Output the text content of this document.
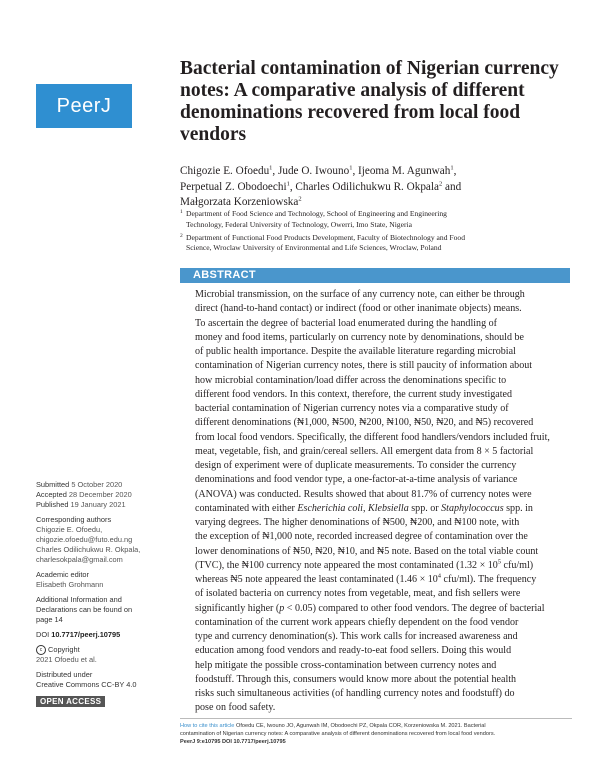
PeerJ
Bacterial contamination of Nigerian currency notes: A comparative analysis of different denominations recovered from local food vendors
Chigozie E. Ofoedu$^1$, Jude O. Iwouno$^1$, Ijeoma M. Agunwah$^1$,
Perpetual Z. Obodoechi$^1$, Charles Odilichukwu R. Okpala$^2$ and
Małgorzata Korzeniowska$^2$
1 Department of Food Science and Technology, School of Engineering and Engineering
Technology, Federal University of Technology, Owerri, Imo State, Nigeria
2 Department of Functional Food Products Development, Faculty of Biotechnology and Food
Science, Wroclaw University of Environmental and Life Sciences, Wroclaw, Poland
ABSTRACT
Microbial transmission, on the surface of any currency note, can either be through
direct (hand-to-hand contact) or indirect (food or other inanimate objects) means.
To ascertain the degree of bacterial load enumerated during the handling of
money and food items, particularly on currency note by denominations, should be
of public health importance. Despite the available literature regarding microbial
contamination of Nigerian currency notes, there is still paucity of information about
how microbial contamination/load differ across the denominations specific to
different food vendors. In this context, therefore, the current study investigated
bacterial contamination of Nigerian currency notes via a comparative study of
different denominations (₦1,000, ₦500, ₦200, ₦100, ₦50, ₦20, and ₦5) recovered
from local food vendors. Specifically, the different food handlers/vendors included fruit,
meat, vegetable, fish, and grain/cereal sellers. All emergent data from 8 × 5 factorial
design of experiment were of duplicate measurements. To consider the currency
denominations and food vendor type, a one-factor-at-a-time analysis of variance
(ANOVA) was conducted. Results showed that about 81.7% of currency notes were
contaminated with either Escherichia coli, Klebsiella spp. or Staphylococcus spp. in
varying degrees. The higher denominations of ₦500, ₦200, and ₦100 note, with
the exception of ₦1,000 note, recorded increased degree of contamination over the
lower denominations of ₦50, ₦20, ₦10, and ₦5 note. Based on the total viable count
(TVC), the ₦100 currency note appeared the most contaminated ($1.32 \times 10^5$ cfu/ml)
whereas ₦5 note appeared the least contaminated ($1.46 \times 10^4$ cfu/ml). The frequency
of isolated bacteria on currency notes from vegetable, meat, and fish sellers were
significantly higher (p < 0.05) compared to other food vendors. The degree of bacterial
contamination of the current work appears chiefly dependent on the food vendor
type and currency denomination(s). This work calls for increased awareness and
education among food vendors and ready-to-eat food sellers. Doing this would
help mitigate the possible cross-contamination between currency notes and
foodstuff. Through this, consumers would know more about the potential health
risks such simultaneous activities (of handling currency notes and foodstuff) do
pose on food safety.
Submitted 5 October 2020
Accepted 28 December 2020
Published 19 January 2021
Corresponding authors
Chigozie E. Ofoedu,
chigozie.ofoedu@futo.edu.ng
Charles Odilichukwu R. Okpala,
charlesokpala@gmail.com
Academic editor
Elisabeth Grohmann
Additional Information and
Declarations can be found on
page 14
DOI 10.7717/peerj.10795
c Copyright
2021 Ofoedu et al.
Distributed under
Creative Commons CC-BY 4.0
OPEN ACCESS
How to cite this article Ofoedu CE, Iwouno JO, Agunwah IM, Obodoechi PZ, Okpala COR, Korzeniowska M. 2021. Bacterial
contamination of Nigerian currency notes: A comparative analysis of different denominations recovered from local food vendors.
PeerJ 9:e10795 DOI 10.7717/peerj.10795
